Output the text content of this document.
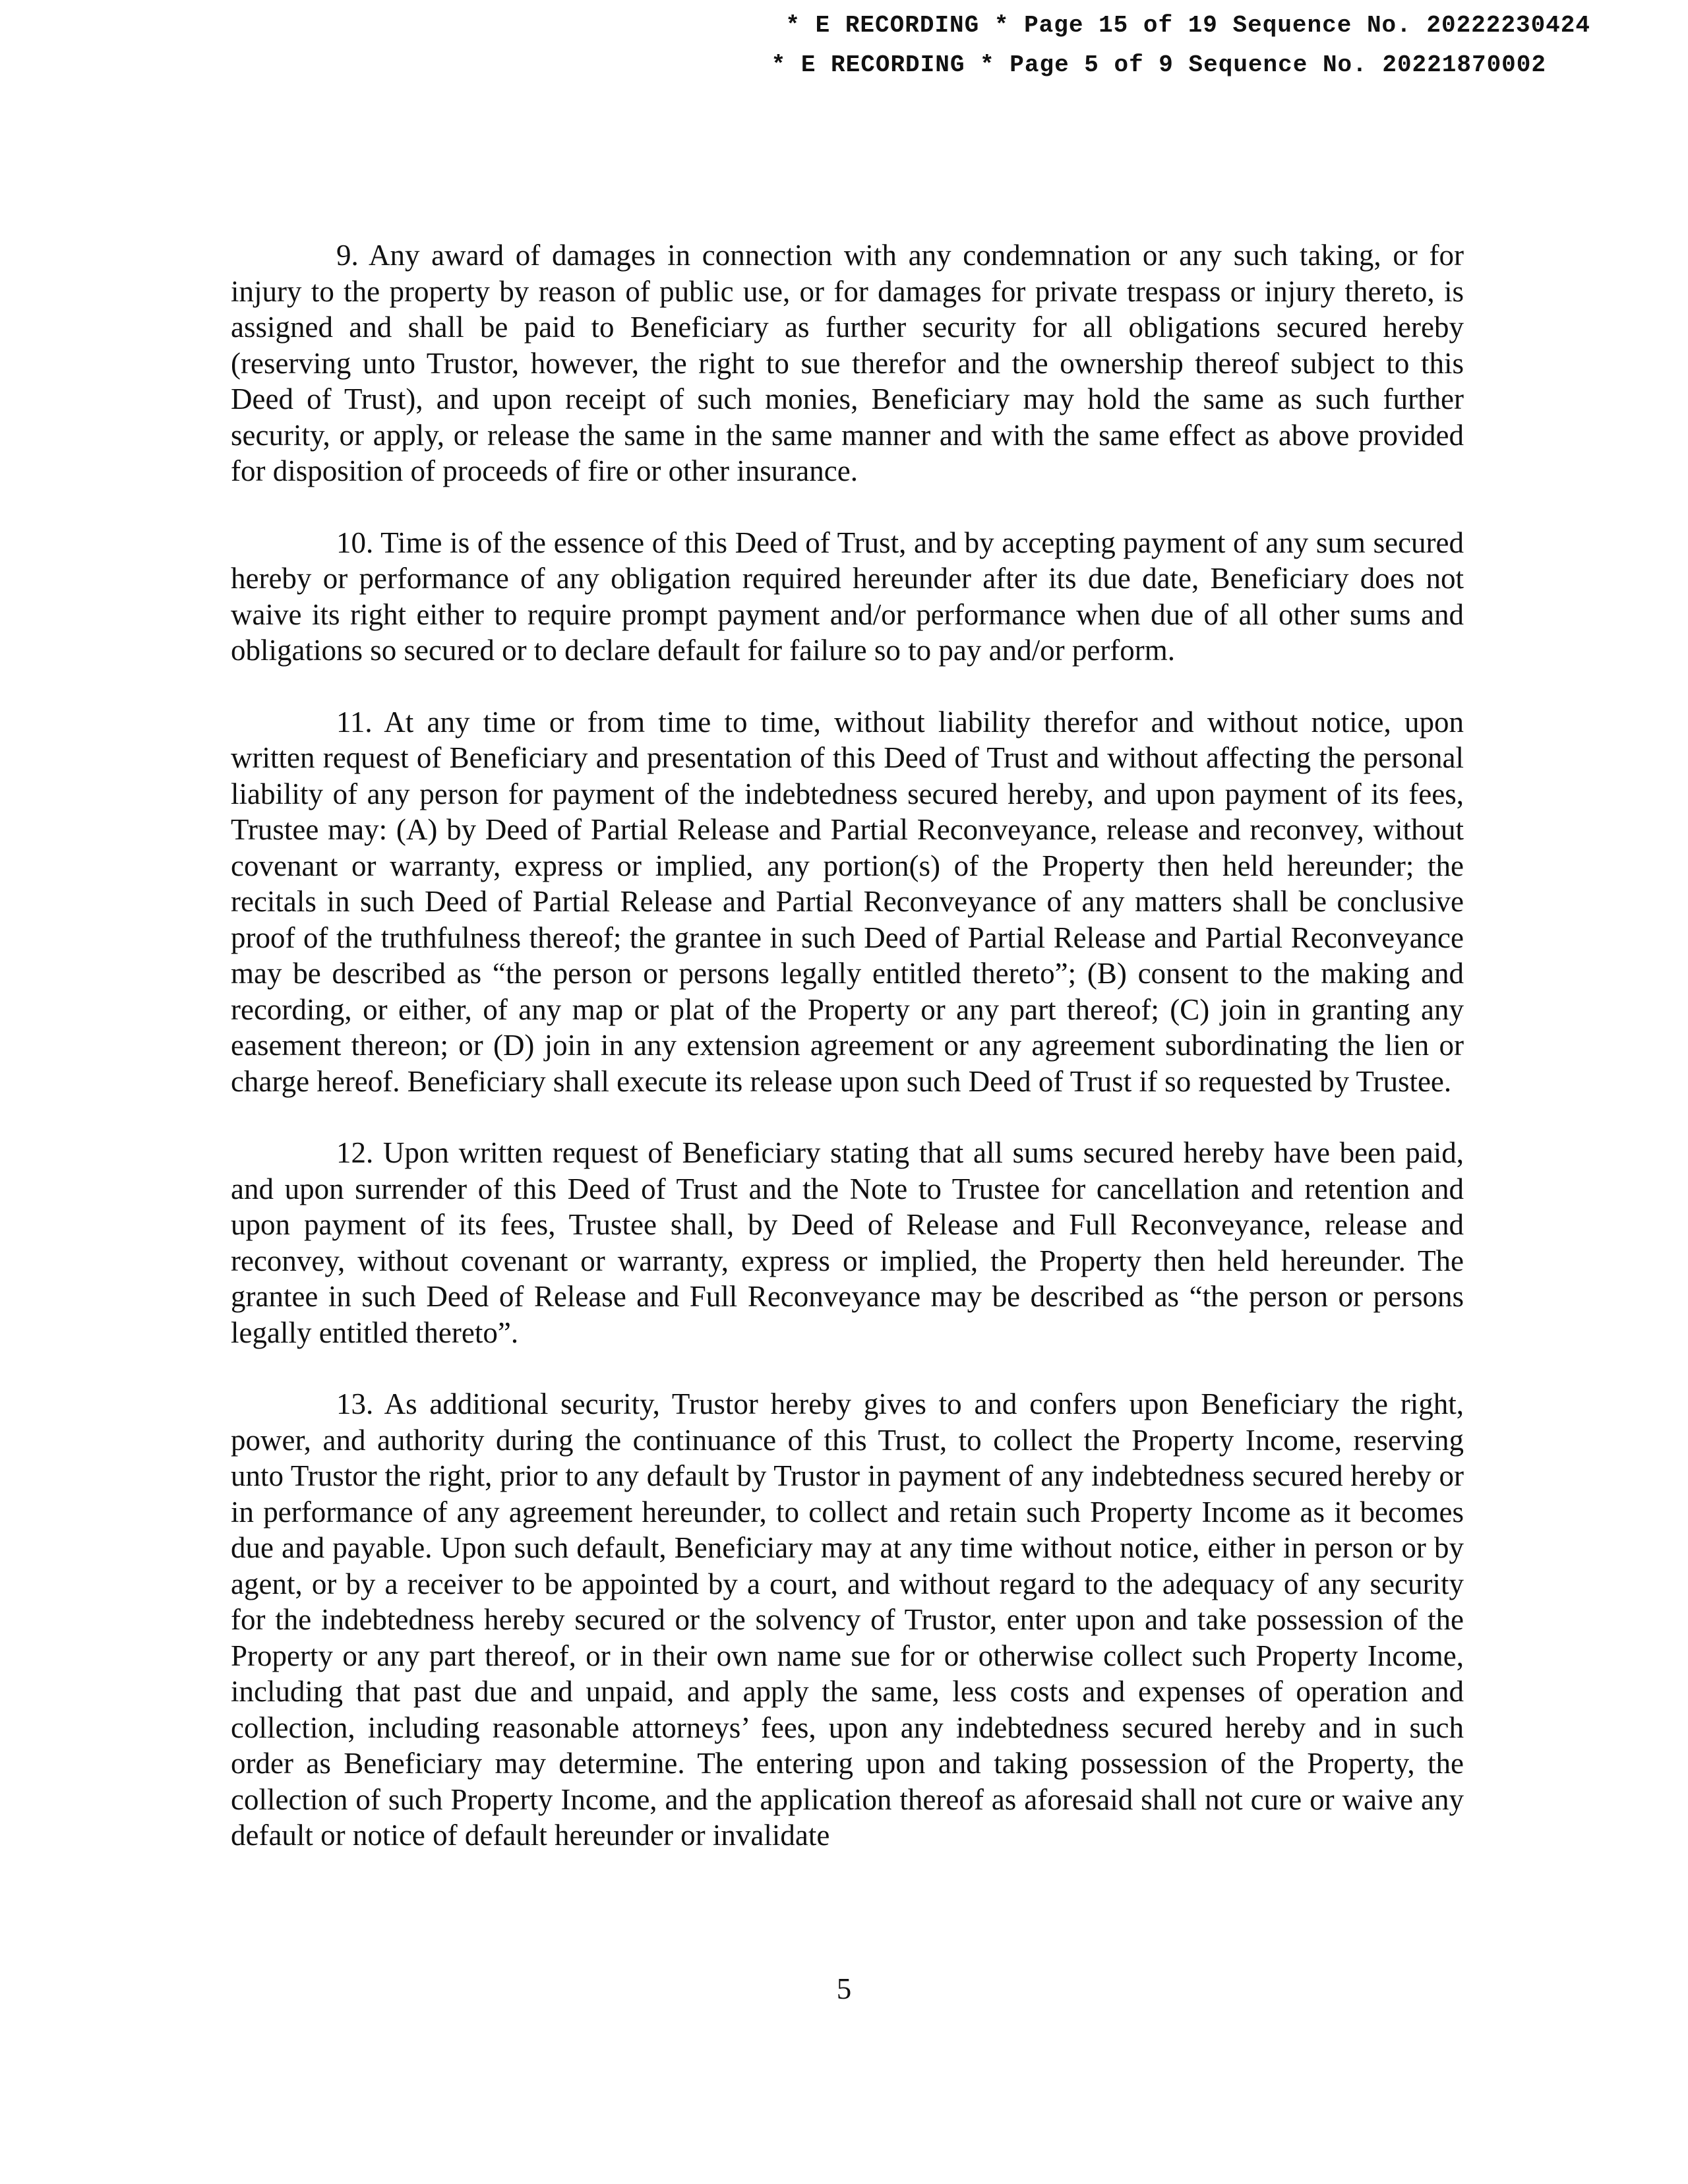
* E RECORDING * Page 15 of 19 Sequence No. 20222230424
* E RECORDING * Page 5 of 9 Sequence No. 20221870002

9. Any award of damages in connection with any condemnation or any such taking, or for injury to the property by reason of public use, or for damages for private trespass or injury thereto, is assigned and shall be paid to Beneficiary as further security for all obligations secured hereby (reserving unto Trustor, however, the right to sue therefor and the ownership thereof subject to this Deed of Trust), and upon receipt of such monies, Beneficiary may hold the same as such further security, or apply, or release the same in the same manner and with the same effect as above provided for disposition of proceeds of fire or other insurance.

10. Time is of the essence of this Deed of Trust, and by accepting payment of any sum secured hereby or performance of any obligation required hereunder after its due date, Beneficiary does not waive its right either to require prompt payment and/or performance when due of all other sums and obligations so secured or to declare default for failure so to pay and/or perform.

11. At any time or from time to time, without liability therefor and without notice, upon written request of Beneficiary and presentation of this Deed of Trust and without affecting the personal liability of any person for payment of the indebtedness secured hereby, and upon payment of its fees, Trustee may: (A) by Deed of Partial Release and Partial Reconveyance, release and reconvey, without covenant or warranty, express or implied, any portion(s) of the Property then held hereunder; the recitals in such Deed of Partial Release and Partial Reconveyance of any matters shall be conclusive proof of the truthfulness thereof; the grantee in such Deed of Partial Release and Partial Reconveyance may be described as “the person or persons legally entitled thereto”; (B) consent to the making and recording, or either, of any map or plat of the Property or any part thereof; (C) join in granting any easement thereon; or (D) join in any extension agreement or any agreement subordinating the lien or charge hereof. Beneficiary shall execute its release upon such Deed of Trust if so requested by Trustee.

12. Upon written request of Beneficiary stating that all sums secured hereby have been paid, and upon surrender of this Deed of Trust and the Note to Trustee for cancellation and retention and upon payment of its fees, Trustee shall, by Deed of Release and Full Reconveyance, release and reconvey, without covenant or warranty, express or implied, the Property then held hereunder. The grantee in such Deed of Release and Full Reconveyance may be described as “the person or persons legally entitled thereto”.

13. As additional security, Trustor hereby gives to and confers upon Beneficiary the right, power, and authority during the continuance of this Trust, to collect the Property Income, reserving unto Trustor the right, prior to any default by Trustor in payment of any indebtedness secured hereby or in performance of any agreement hereunder, to collect and retain such Property Income as it becomes due and payable. Upon such default, Beneficiary may at any time without notice, either in person or by agent, or by a receiver to be appointed by a court, and without regard to the adequacy of any security for the indebtedness hereby secured or the solvency of Trustor, enter upon and take possession of the Property or any part thereof, or in their own name sue for or otherwise collect such Property Income, including that past due and unpaid, and apply the same, less costs and expenses of operation and collection, including reasonable attorneys’ fees, upon any indebtedness secured hereby and in such order as Beneficiary may determine. The entering upon and taking possession of the Property, the collection of such Property Income, and the application thereof as aforesaid shall not cure or waive any default or notice of default hereunder or invalidate

5
